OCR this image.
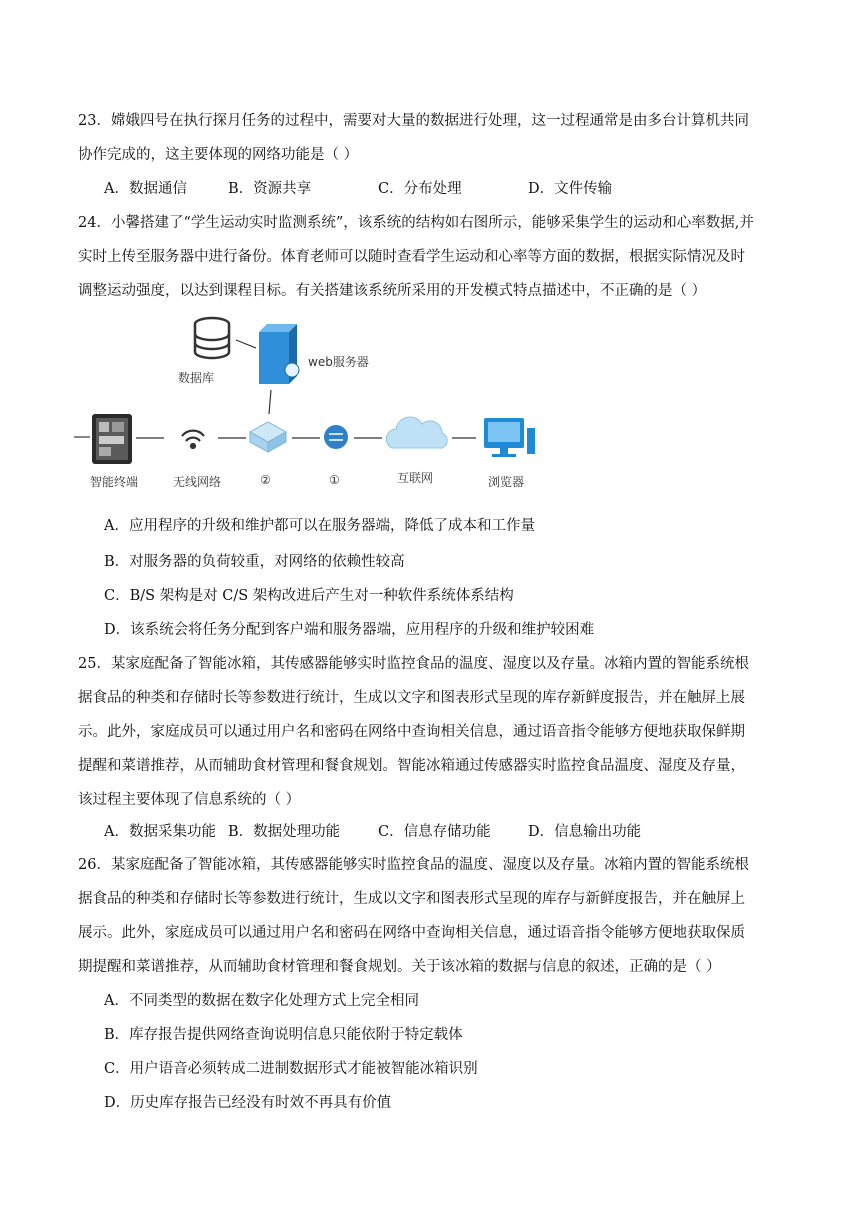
23．嫦娥四号在执行探月任务的过程中，需要对大量的数据进行处理，这一过程通常是由多台计算机共同
协作完成的，这主要体现的网络功能是（ ）
A．数据通信	B．资源共享	C．分布处理	D．文件传输
24．小馨搭建了“学生运动实时监测系统”，该系统的结构如右图所示，能够采集学生的运动和心率数据,并
实时上传至服务器中进行备份。体育老师可以随时查看学生运动和心率等方面的数据，根据实际情况及时
调整运动强度，以达到课程目标。有关搭建该系统所采用的开发模式特点描述中，不正确的是（ ）
数据库
web服务器
智能终端	无线网络	②	①	互联网	浏览器
A．应用程序的升级和维护都可以在服务器端，降低了成本和工作量
B．对服务器的负荷较重，对网络的依赖性较高
C．B/S 架构是对 C/S 架构改进后产生对一种软件系统体系结构
D．该系统会将任务分配到客户端和服务器端，应用程序的升级和维护较困难
25．某家庭配备了智能冰箱，其传感器能够实时监控食品的温度、湿度以及存量。冰箱内置的智能系统根
据食品的种类和存储时长等参数进行统计，生成以文字和图表形式呈现的库存新鲜度报告，并在触屏上展
示。此外，家庭成员可以通过用户名和密码在网络中查询相关信息，通过语音指令能够方便地获取保鲜期
提醒和菜谱推荐，从而辅助食材管理和餐食规划。智能冰箱通过传感器实时监控食品温度、湿度及存量，
该过程主要体现了信息系统的（ ）
A．数据采集功能 B．数据处理功能	C．信息存储功能	D．信息输出功能
26．某家庭配备了智能冰箱，其传感器能够实时监控食品的温度、湿度以及存量。冰箱内置的智能系统根
据食品的种类和存储时长等参数进行统计，生成以文字和图表形式呈现的库存与新鲜度报告，并在触屏上
展示。此外，家庭成员可以通过用户名和密码在网络中查询相关信息，通过语音指令能够方便地获取保质
期提醒和菜谱推荐，从而辅助食材管理和餐食规划。关于该冰箱的数据与信息的叙述，正确的是（ ）
A．不同类型的数据在数字化处理方式上完全相同
B．库存报告提供网络查询说明信息只能依附于特定载体
C．用户语音必须转成二进制数据形式才能被智能冰箱识别
D．历史库存报告已经没有时效不再具有价值
